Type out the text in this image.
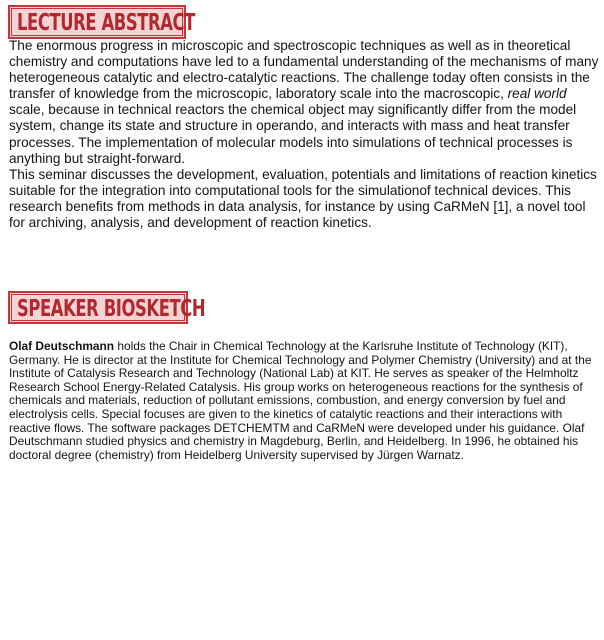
LECTURE ABSTRACT

The enormous progress in microscopic and spectroscopic techniques as well as in theoretical chemistry and computations have led to a fundamental understanding of the mechanisms of many heterogeneous catalytic and electro-catalytic reactions. The challenge today often consists in the transfer of knowledge from the microscopic, laboratory scale into the macroscopic, real world scale, because in technical reactors the chemical object may significantly differ from the model system, change its state and structure in operando, and interacts with mass and heat transfer processes. The implementation of molecular models into simulations of technical processes is anything but straight-forward.

This seminar discusses the development, evaluation, potentials and limitations of reaction kinetics suitable for the integration into computational tools for the simulationof technical devices. This research benefits from methods in data analysis, for instance by using CaRMeN [1], a novel tool for archiving, analysis, and development of reaction kinetics.

SPEAKER BIOSKETCH

Olaf Deutschmann holds the Chair in Chemical Technology at the Karlsruhe Institute of Technology (KIT), Germany. He is director at the Institute for Chemical Technology and Polymer Chemistry (University) and at the Institute of Catalysis Research and Technology (National Lab) at KIT. He serves as speaker of the Helmholtz Research School Energy-Related Catalysis. His group works on heterogeneous reactions for the synthesis of chemicals and materials, reduction of pollutant emissions, combustion, and energy conversion by fuel and electrolysis cells. Special focuses are given to the kinetics of catalytic reactions and their interactions with reactive flows. The software packages DETCHEMTM and CaRMeN were developed under his guidance. Olaf Deutschmann studied physics and chemistry in Magdeburg, Berlin, and Heidelberg. In 1996, he obtained his doctoral degree (chemistry) from Heidelberg University supervised by Jürgen Warnatz.
